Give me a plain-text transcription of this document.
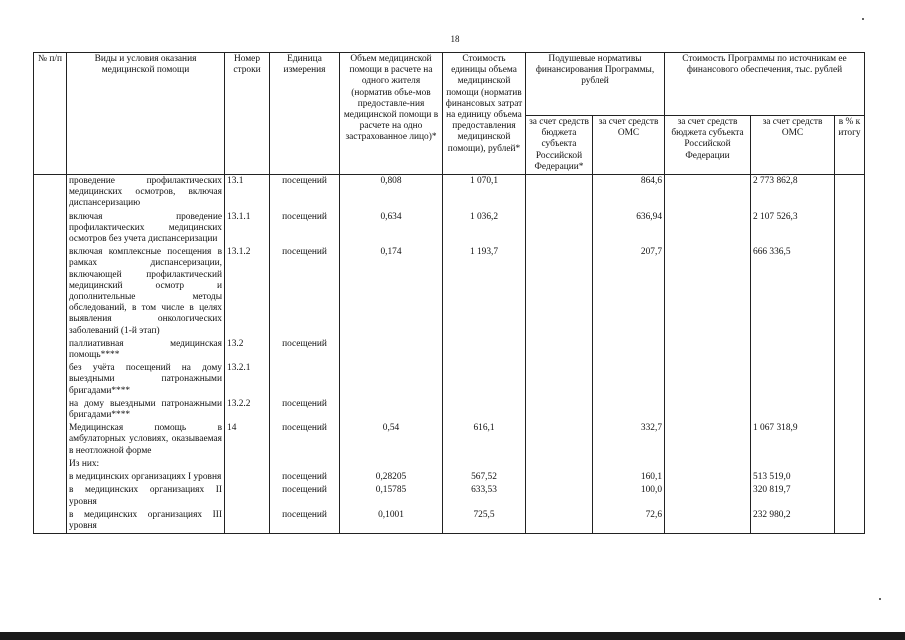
18
№ п/п	Виды и условия оказания медицинской помощи	Номер строки	Единица измерения	Объем медицинской помощи в расчете на одного жителя (норматив объе-мов предоставле-ния медицинской помощи в расчете на одно застрахованное лицо)*	Стоимость единицы объема медицинской помощи (норматив финансовых затрат на единицу объема предоставления медицинской помощи), рублей*	Подушевые нормативы финансирования Программы, рублей		Стоимость Программы по источникам ее финансового обеспечения, тыс. рублей		
						за счет средств бюджета субъекта Российской Федерации*	за счет средств ОМС	за счет средств бюджета субъекта Российской Федерации	за счет средств ОМС	в % к итогу
	проведение профилактических медицинских осмотров, включая диспансеризацию	13.1	посещений	0,808	1 070,1		864,6		2 773 862,8	
	включая проведение профилактических медицинских осмотров без учета диспансеризации	13.1.1	посещений	0,634	1 036,2		636,94		2 107 526,3	
	включая комплексные посещения в рамках диспансеризации, включающей профилактический медицинский осмотр и дополнительные методы обследований, в том числе в целях выявления онкологических заболеваний (1-й этап)	13.1.2	посещений	0,174	1 193,7		207,7		666 336,5	
	паллиативная медицинская помощь****	13.2	посещений							
	без учёта посещений на дому выездными патронажными бригадами****	13.2.1								
	на дому выездными патронажными бригадами****	13.2.2	посещений							
	Медицинская помощь в амбулаторных условиях, оказываемая в неотложной форме	14	посещений	0,54	616,1		332,7		1 067 318,9	
	Из них:									
	в медицинских организациях I уровня		посещений	0,28205	567,52		160,1		513 519,0	
	в медицинских организациях II уровня		посещений	0,15785	633,53		100,0		320 819,7	
	в медицинских организациях III уровня		посещений	0,1001	725,5		72,6		232 980,2	
